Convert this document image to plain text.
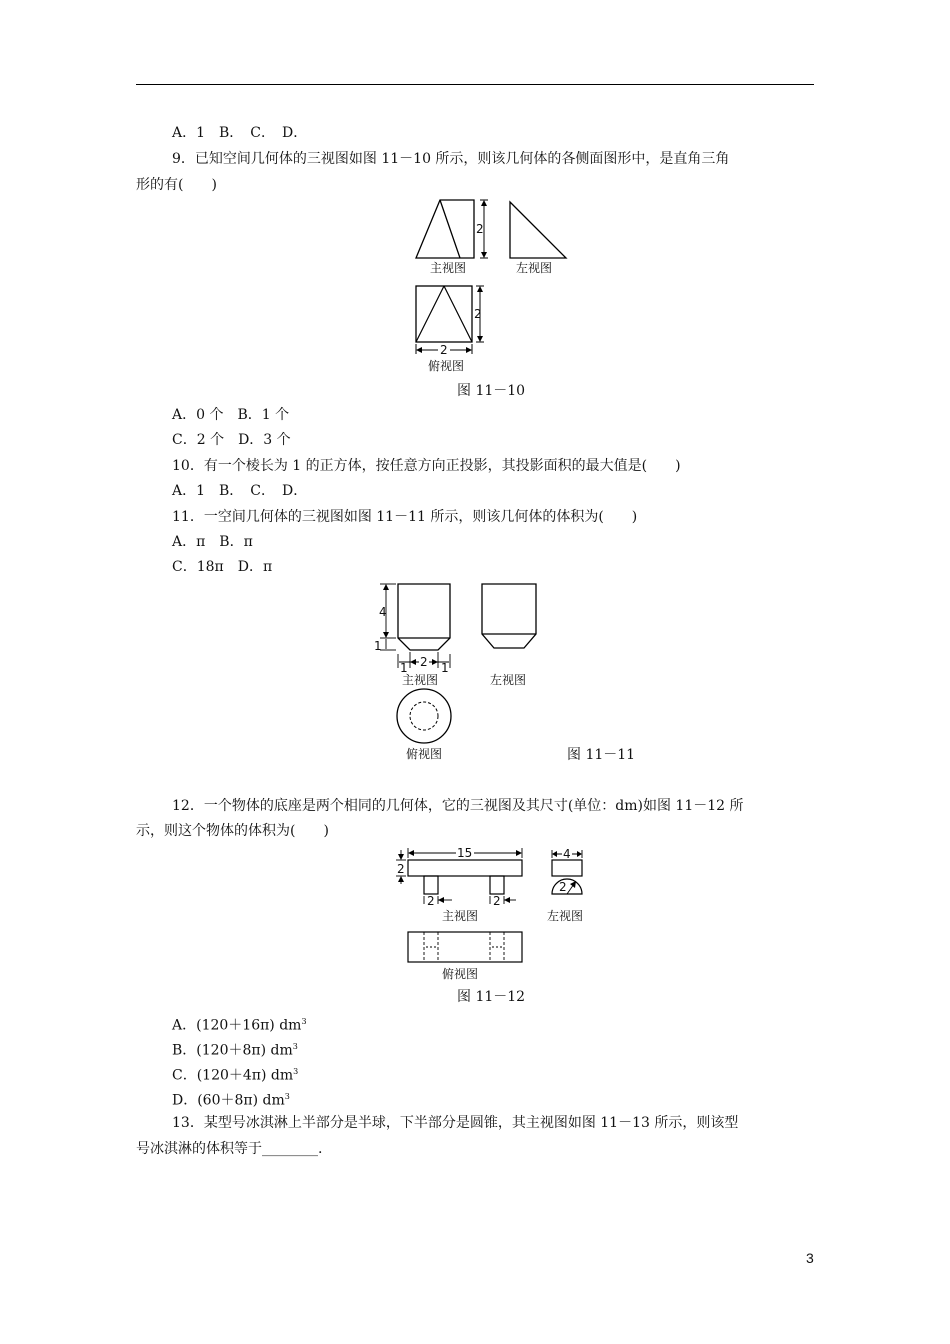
A．1　B．　C．　D．
9．已知空间几何体的三视图如图 11－10 所示，则该几何体的各侧面图形中，是直角三角
形的有(　　)
2
主视图	左视图
2
2
俯视图
图 11－10
A．0 个　B．1 个
C．2 个　D．3 个
10．有一个棱长为 1 的正方体，按任意方向正投影，其投影面积的最大值是(　　)
A．1　B．　C．　D．
11．一空间几何体的三视图如图 11－11 所示，则该几何体的体积为(　　)
A．π　B．π
C．18π　D．π
4
1
1 2 1
主视图	左视图
俯视图	图 11－11
12．一个物体的底座是两个相同的几何体，它的三视图及其尺寸(单位：dm)如图 11－12 所
示，则这个物体的体积为(　　)
15
2
2	2
主视图
4
2
左视图
俯视图
图 11－12
A．(120＋16π) $dm^3$
B．(120＋8π) $dm^3$
C．(120＋4π) $dm^3$
D．(60＋8π) $dm^3$
13．某型号冰淇淋上半部分是半球，下半部分是圆锥，其主视图如图 11－13 所示，则该型
号冰淇淋的体积等于________.
3
